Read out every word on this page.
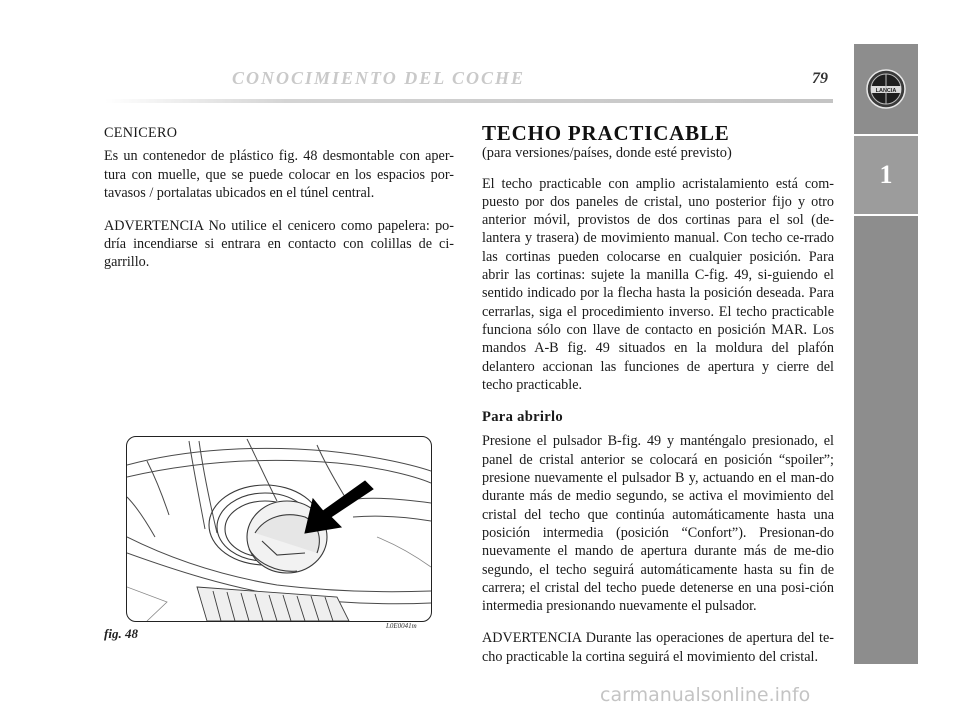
CONOCIMIENTO DEL COCHE	79
LANCIA
1
CENICERO

Es un contenedor de plástico fig. 48 desmontable con aper-tura con muelle, que se puede colocar en los espacios por-tavasos / portalatas ubicados en el túnel central.

ADVERTENCIA No utilice el cenicero como papelera: po-dría incendiarse si entrara en contacto con colillas de ci-garrillo.

TECHO PRACTICABLE
(para versiones/países, donde esté previsto)

El techo practicable con amplio acristalamiento está com-puesto por dos paneles de cristal, uno posterior fijo y otro anterior móvil, provistos de dos cortinas para el sol (de-lantera y trasera) de movimiento manual. Con techo ce-rrado las cortinas pueden colocarse en cualquier posición. Para abrir las cortinas: sujete la manilla C-fig. 49, si-guiendo el sentido indicado por la flecha hasta la posición deseada. Para cerrarlas, siga el procedimiento inverso. El techo practicable funciona sólo con llave de contacto en posición MAR. Los mandos A-B fig. 49 situados en la moldura del plafón delantero accionan las funciones de apertura y cierre del techo practicable.

Para abrirlo

Presione el pulsador B-fig. 49 y manténgalo presionado, el panel de cristal anterior se colocará en posición “spoiler”; presione nuevamente el pulsador B y, actuando en el man-do durante más de medio segundo, se activa el movimiento del cristal del techo que continúa automáticamente hasta una posición intermedia (posición “Confort”). Presionan-do nuevamente el mando de apertura durante más de me-dio segundo, el techo seguirá automáticamente hasta su fin de carrera; el cristal del techo puede detenerse en una posi-ción intermedia presionando nuevamente el pulsador.

ADVERTENCIA Durante las operaciones de apertura del te-cho practicable la cortina seguirá el movimiento del cristal.

fig. 48	L0E0041m
carmanualsonline.info
